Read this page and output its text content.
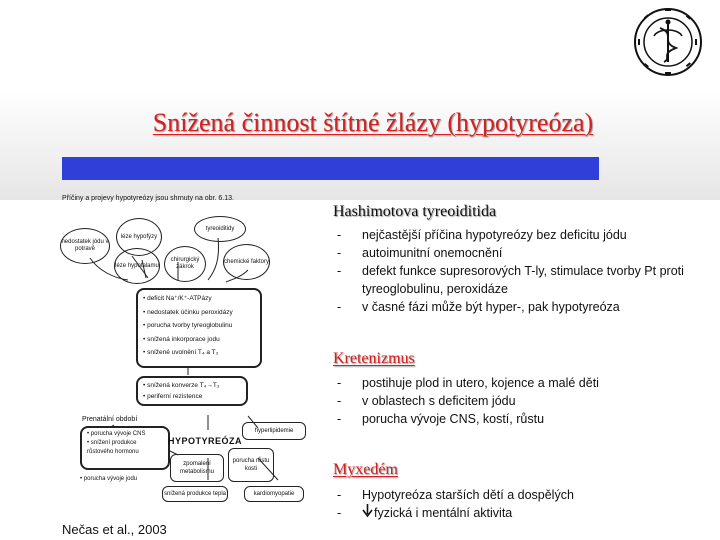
Snížená činnost štítné žlázy (hypotyreóza)
Příčiny a projevy hypotyreózy jsou shrnuty na obr. 6.13.
nedostatek jódu v potravě
léze hypofýzy
tyreoiditidy
léze hypotalamu
chirurgický zákrok
chemické faktory
• deficit Na⁺/K⁺-ATPázy
• nedostatek účinku peroxidázy
• porucha tvorby tyreoglobulinu
• snížená inkorporace jodu
• snížené uvolnění T₄ a T₃
• snížená konverze T₄→T₃
• periferní rezistence
Prenatální období
• porucha vývoje CNS
• snížení produkce růstového hormonu
HYPOTYREÓZA
hyperlipidemie
zpomalení metabolismu
porucha růstu kosti
snížená produkce tepla	kardiomyopatie
• porucha vývoje jodu
Nečas et al., 2003
Hashimotova tyreoiditida
- nejčastější příčina hypotyreózy bez deficitu jódu
- autoimunitní onemocnění
- defekt funkce supresorových T-ly, stimulace tvorby Pt proti tyreoglobulinu, peroxidáze
- v časné fázi může být hyper-, pak hypotyreóza
Kretenizmus
- postihuje plod in utero, kojence a malé děti
- v oblastech s deficitem jódu
- porucha vývoje CNS, kostí, růstu
Myxedém
- Hypotyreóza starších dětí a dospělých
-	fyzická i mentální aktivita
